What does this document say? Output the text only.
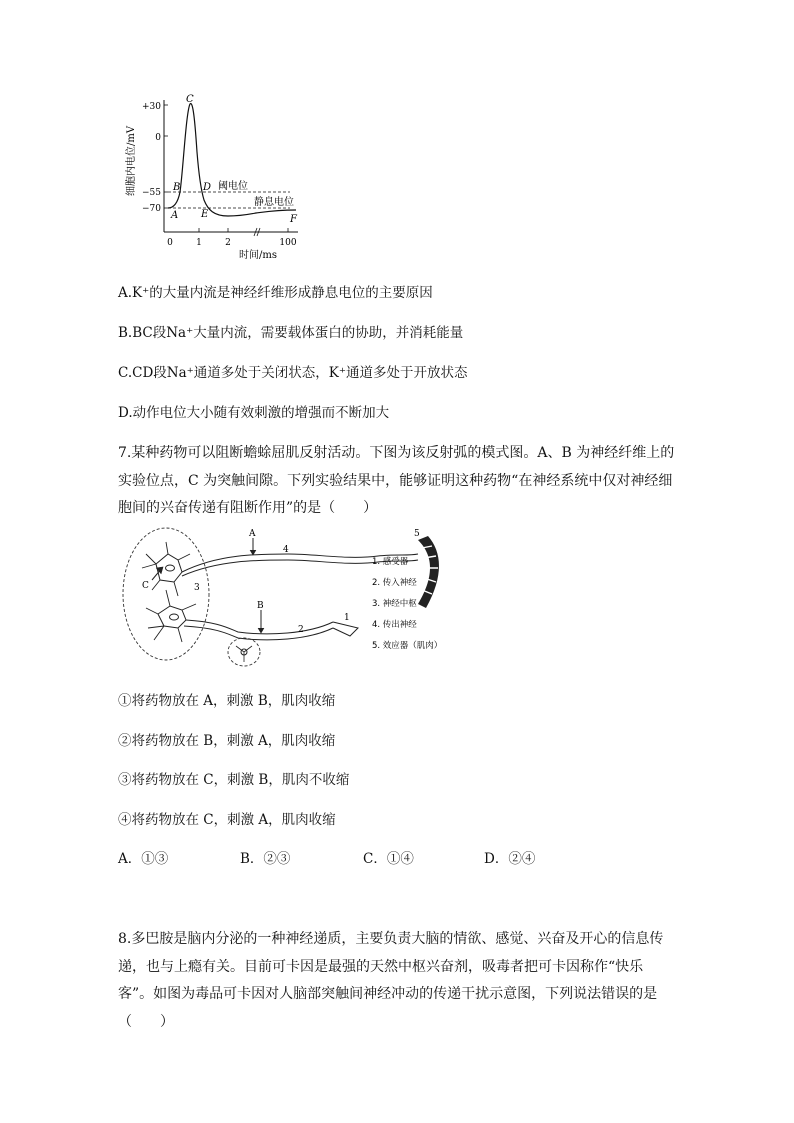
细胞内电位/mV
+30
0
−55
−70
0	1	2	100
时间/ms
A
B
C
D
E	F
阈电位
静息电位
A.K⁺的大量内流是神经纤维形成静息电位的主要原因
B.BC段Na⁺大量内流，需要载体蛋白的协助，并消耗能量
C.CD段Na⁺通道多处于关闭状态，K⁺通道多处于开放状态
D.动作电位大小随有效刺激的增强而不断加大
7.某种药物可以阻断蟾蜍屈肌反射活动。下图为该反射弧的模式图。A、B 为神经纤维上的实验位点，C 为突触间隙。下列实验结果中，能够证明这种药物“在神经系统中仅对神经细胞间的兴奋传递有阻断作用”的是（　　）
A
B
C
1
2
3
4
5
1. 感受器
2. 传入神经
3. 神经中枢
4. 传出神经
5. 效应器（肌肉）
①将药物放在 A，刺激 B，肌肉收缩
②将药物放在 B，刺激 A，肌肉收缩
③将药物放在 C，刺激 B，肌肉不收缩
④将药物放在 C，刺激 A，肌肉收缩
A．①③	B．②③	C．①④	D．②④
8.多巴胺是脑内分泌的一种神经递质，主要负责大脑的情欲、感觉、兴奋及开心的信息传递，也与上瘾有关。目前可卡因是最强的天然中枢兴奋剂，吸毒者把可卡因称作“快乐客”。如图为毒品可卡因对人脑部突触间神经冲动的传递干扰示意图，下列说法错误的是（　　）
